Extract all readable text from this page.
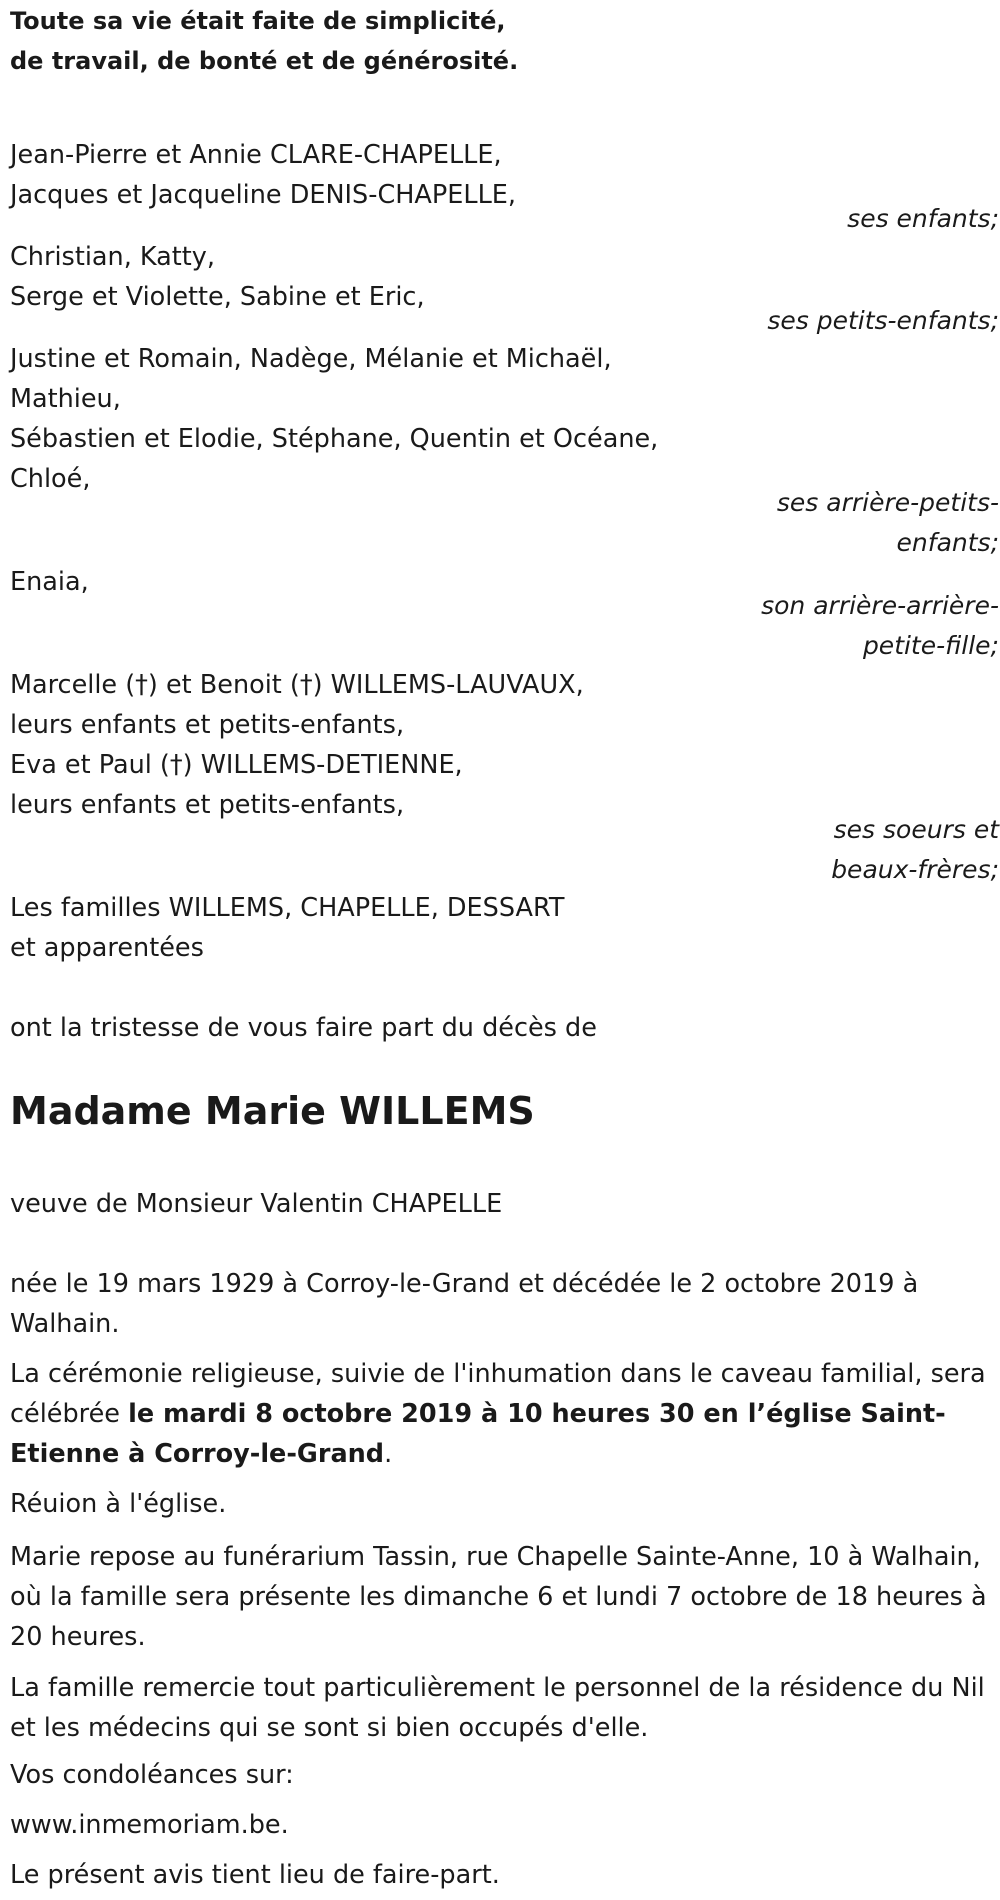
Toute sa vie était faite de simplicité,
de travail, de bonté et de générosité.
Jean-Pierre et Annie CLARE-CHAPELLE,
Jacques et Jacqueline DENIS-CHAPELLE,
ses enfants;
Christian, Katty,
Serge et Violette, Sabine et Eric,
ses petits-enfants;
Justine et Romain, Nadège, Mélanie et Michaël,
Mathieu,
Sébastien et Elodie, Stéphane, Quentin et Océane,
Chloé,
ses arrière-petits-
enfants;
Enaia,
son arrière-arrière-
petite-fille;
Marcelle (†) et Benoit (†) WILLEMS-LAUVAUX,
leurs enfants et petits-enfants,
Eva et Paul (†) WILLEMS-DETIENNE,
leurs enfants et petits-enfants,
ses soeurs et
beaux-frères;
Les familles WILLEMS, CHAPELLE, DESSART
et apparentées
ont la tristesse de vous faire part du décès de
Madame Marie WILLEMS
veuve de Monsieur Valentin CHAPELLE
née le 19 mars 1929 à Corroy-le-Grand et décédée le 2 octobre 2019 à Walhain.
La cérémonie religieuse, suivie de l'inhumation dans le caveau familial, sera célébrée le mardi 8 octobre 2019 à 10 heures 30 en l’église Saint-Etienne à Corroy-le-Grand.
Réuion à l'église.
Marie repose au funérarium Tassin, rue Chapelle Sainte-Anne, 10 à Walhain, où la famille sera présente les dimanche 6 et lundi 7 octobre de 18 heures à 20 heures.
La famille remercie tout particulièrement le personnel de la résidence du Nil et les médecins qui se sont si bien occupés d'elle.
Vos condoléances sur:
www.inmemoriam.be.
Le présent avis tient lieu de faire-part.
